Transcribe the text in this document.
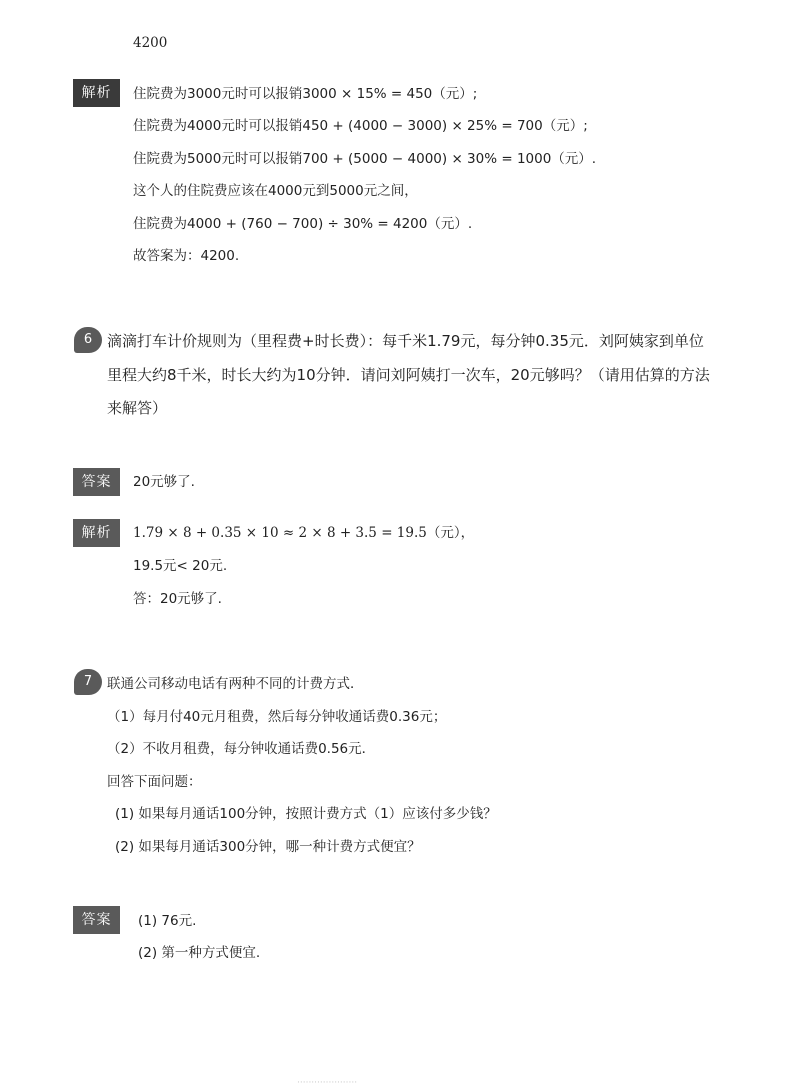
4200
解析	住院费为3000元时可以报销3000 × 15% = 450（元）;
住院费为4000元时可以报销450 + (4000 − 3000) × 25% = 700（元）;
住院费为5000元时可以报销700 + (5000 − 4000) × 30% = 1000（元）.
这个人的住院费应该在4000元到5000元之间，
住院费为4000 + (760 − 700) ÷ 30% = 4200（元）.
故答案为：4200.
6 滴滴打车计价规则为（里程费+时长费）：每千米1.79元，每分钟0.35元．刘阿姨家到单位
里程大约8千米，时长大约为10分钟．请问刘阿姨打一次车，20元够吗？（请用估算的方法
来解答）
答案	20元够了.
解析	1.79 × 8 + 0.35 × 10 ≈ 2 × 8 + 3.5 = 19.5（元），
19.5元< 20元.
答：20元够了.
7	联通公司移动电话有两种不同的计费方式．
（1）每月付40元月租费，然后每分钟收通话费0.36元；
（2）不收月租费，每分钟收通话费0.56元．
回答下面问题：
(1) 如果每月通话100分钟，按照计费方式（1）应该付多少钱？
(2) 如果每月通话300分钟，哪一种计费方式便宜？
答案	(1) 76元.
(2) 第一种方式便宜.
·····················
